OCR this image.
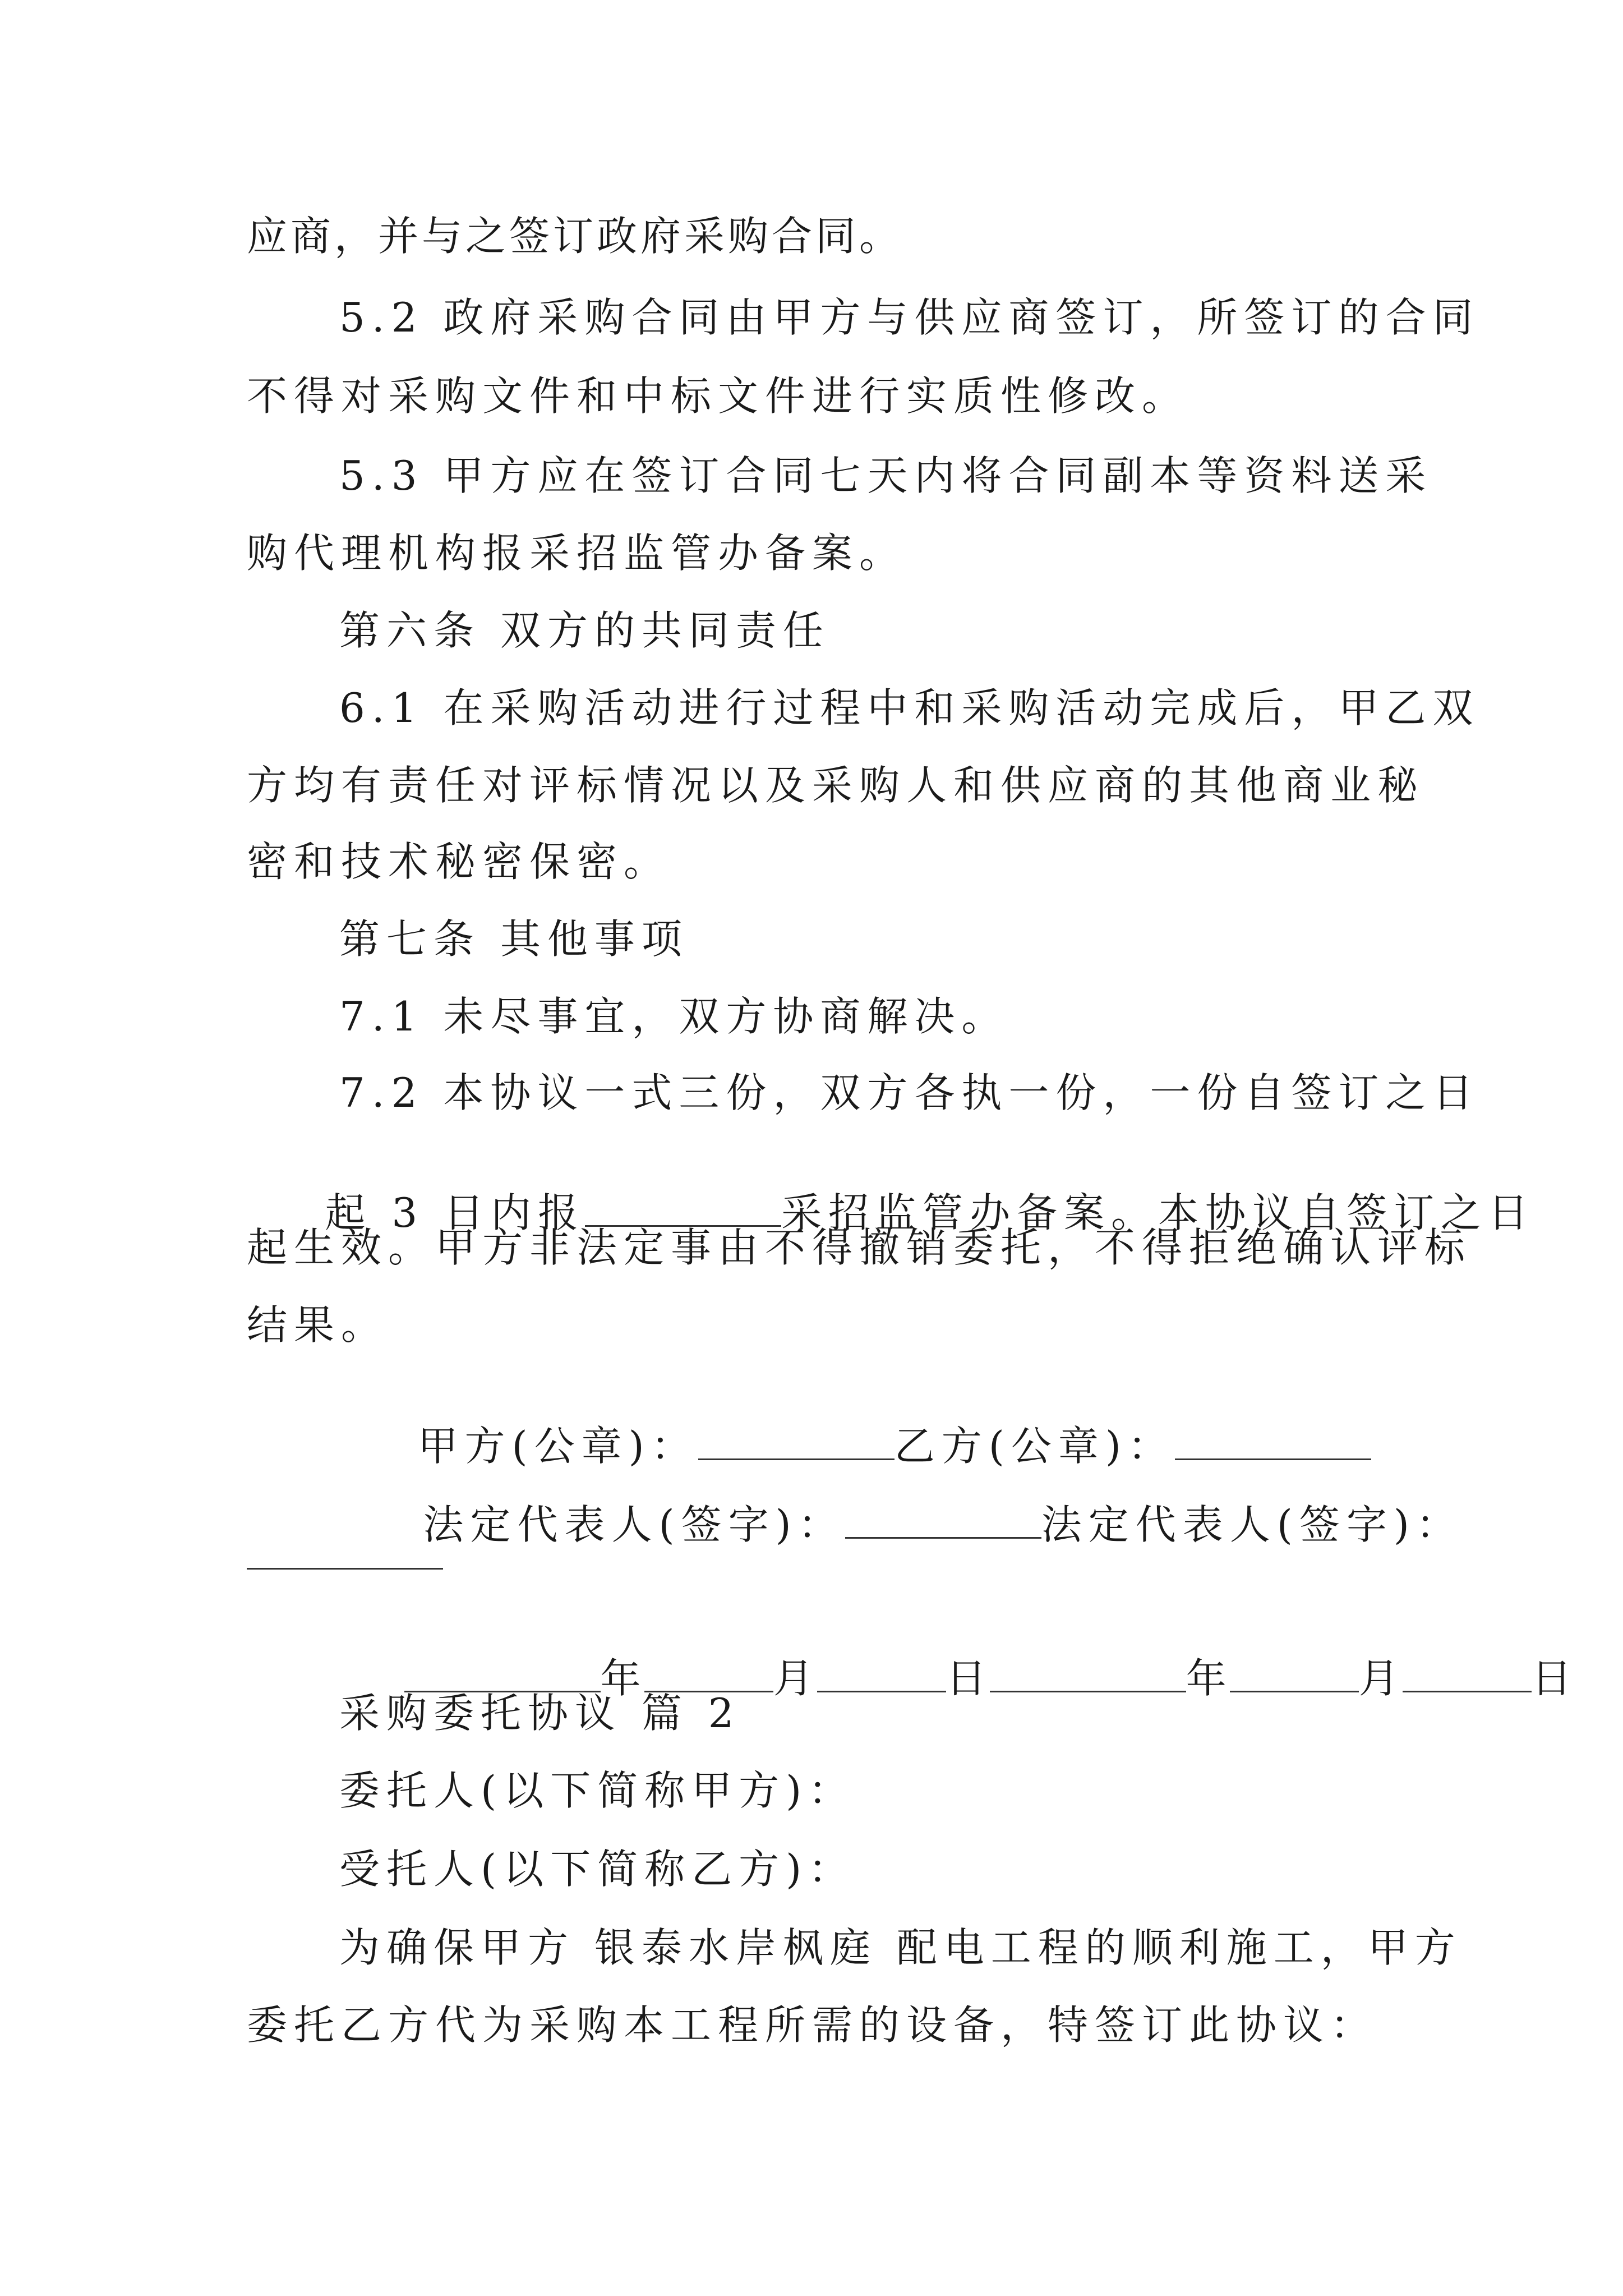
应商，并与之签订政府采购合同。
5.2 政府采购合同由甲方与供应商签订，所签订的合同
不得对采购文件和中标文件进行实质性修改。
5.3 甲方应在签订合同七天内将合同副本等资料送采
购代理机构报采招监管办备案。
第六条 双方的共同责任
6.1 在采购活动进行过程中和采购活动完成后，甲乙双
方均有责任对评标情况以及采购人和供应商的其他商业秘
密和技术秘密保密。
第七条 其他事项
7.1 未尽事宜，双方协商解决。
7.2 本协议一式三份，双方各执一份，一份自签订之日

起 3 日内报	采招监管办备案。本协议自签订之日

起生效。甲方非法定事由不得撤销委托，不得拒绝确认评标
结果。

甲方(公章)：	乙方(公章)：

法定代表人(签字)：	法定代表人(签字)：

年	月	日	年	月	日

采购委托协议 篇 2
委托人(以下简称甲方)：
受托人(以下简称乙方)：
为确保甲方 银泰水岸枫庭 配电工程的顺利施工，甲方
委托乙方代为采购本工程所需的设备，特签订此协议：
